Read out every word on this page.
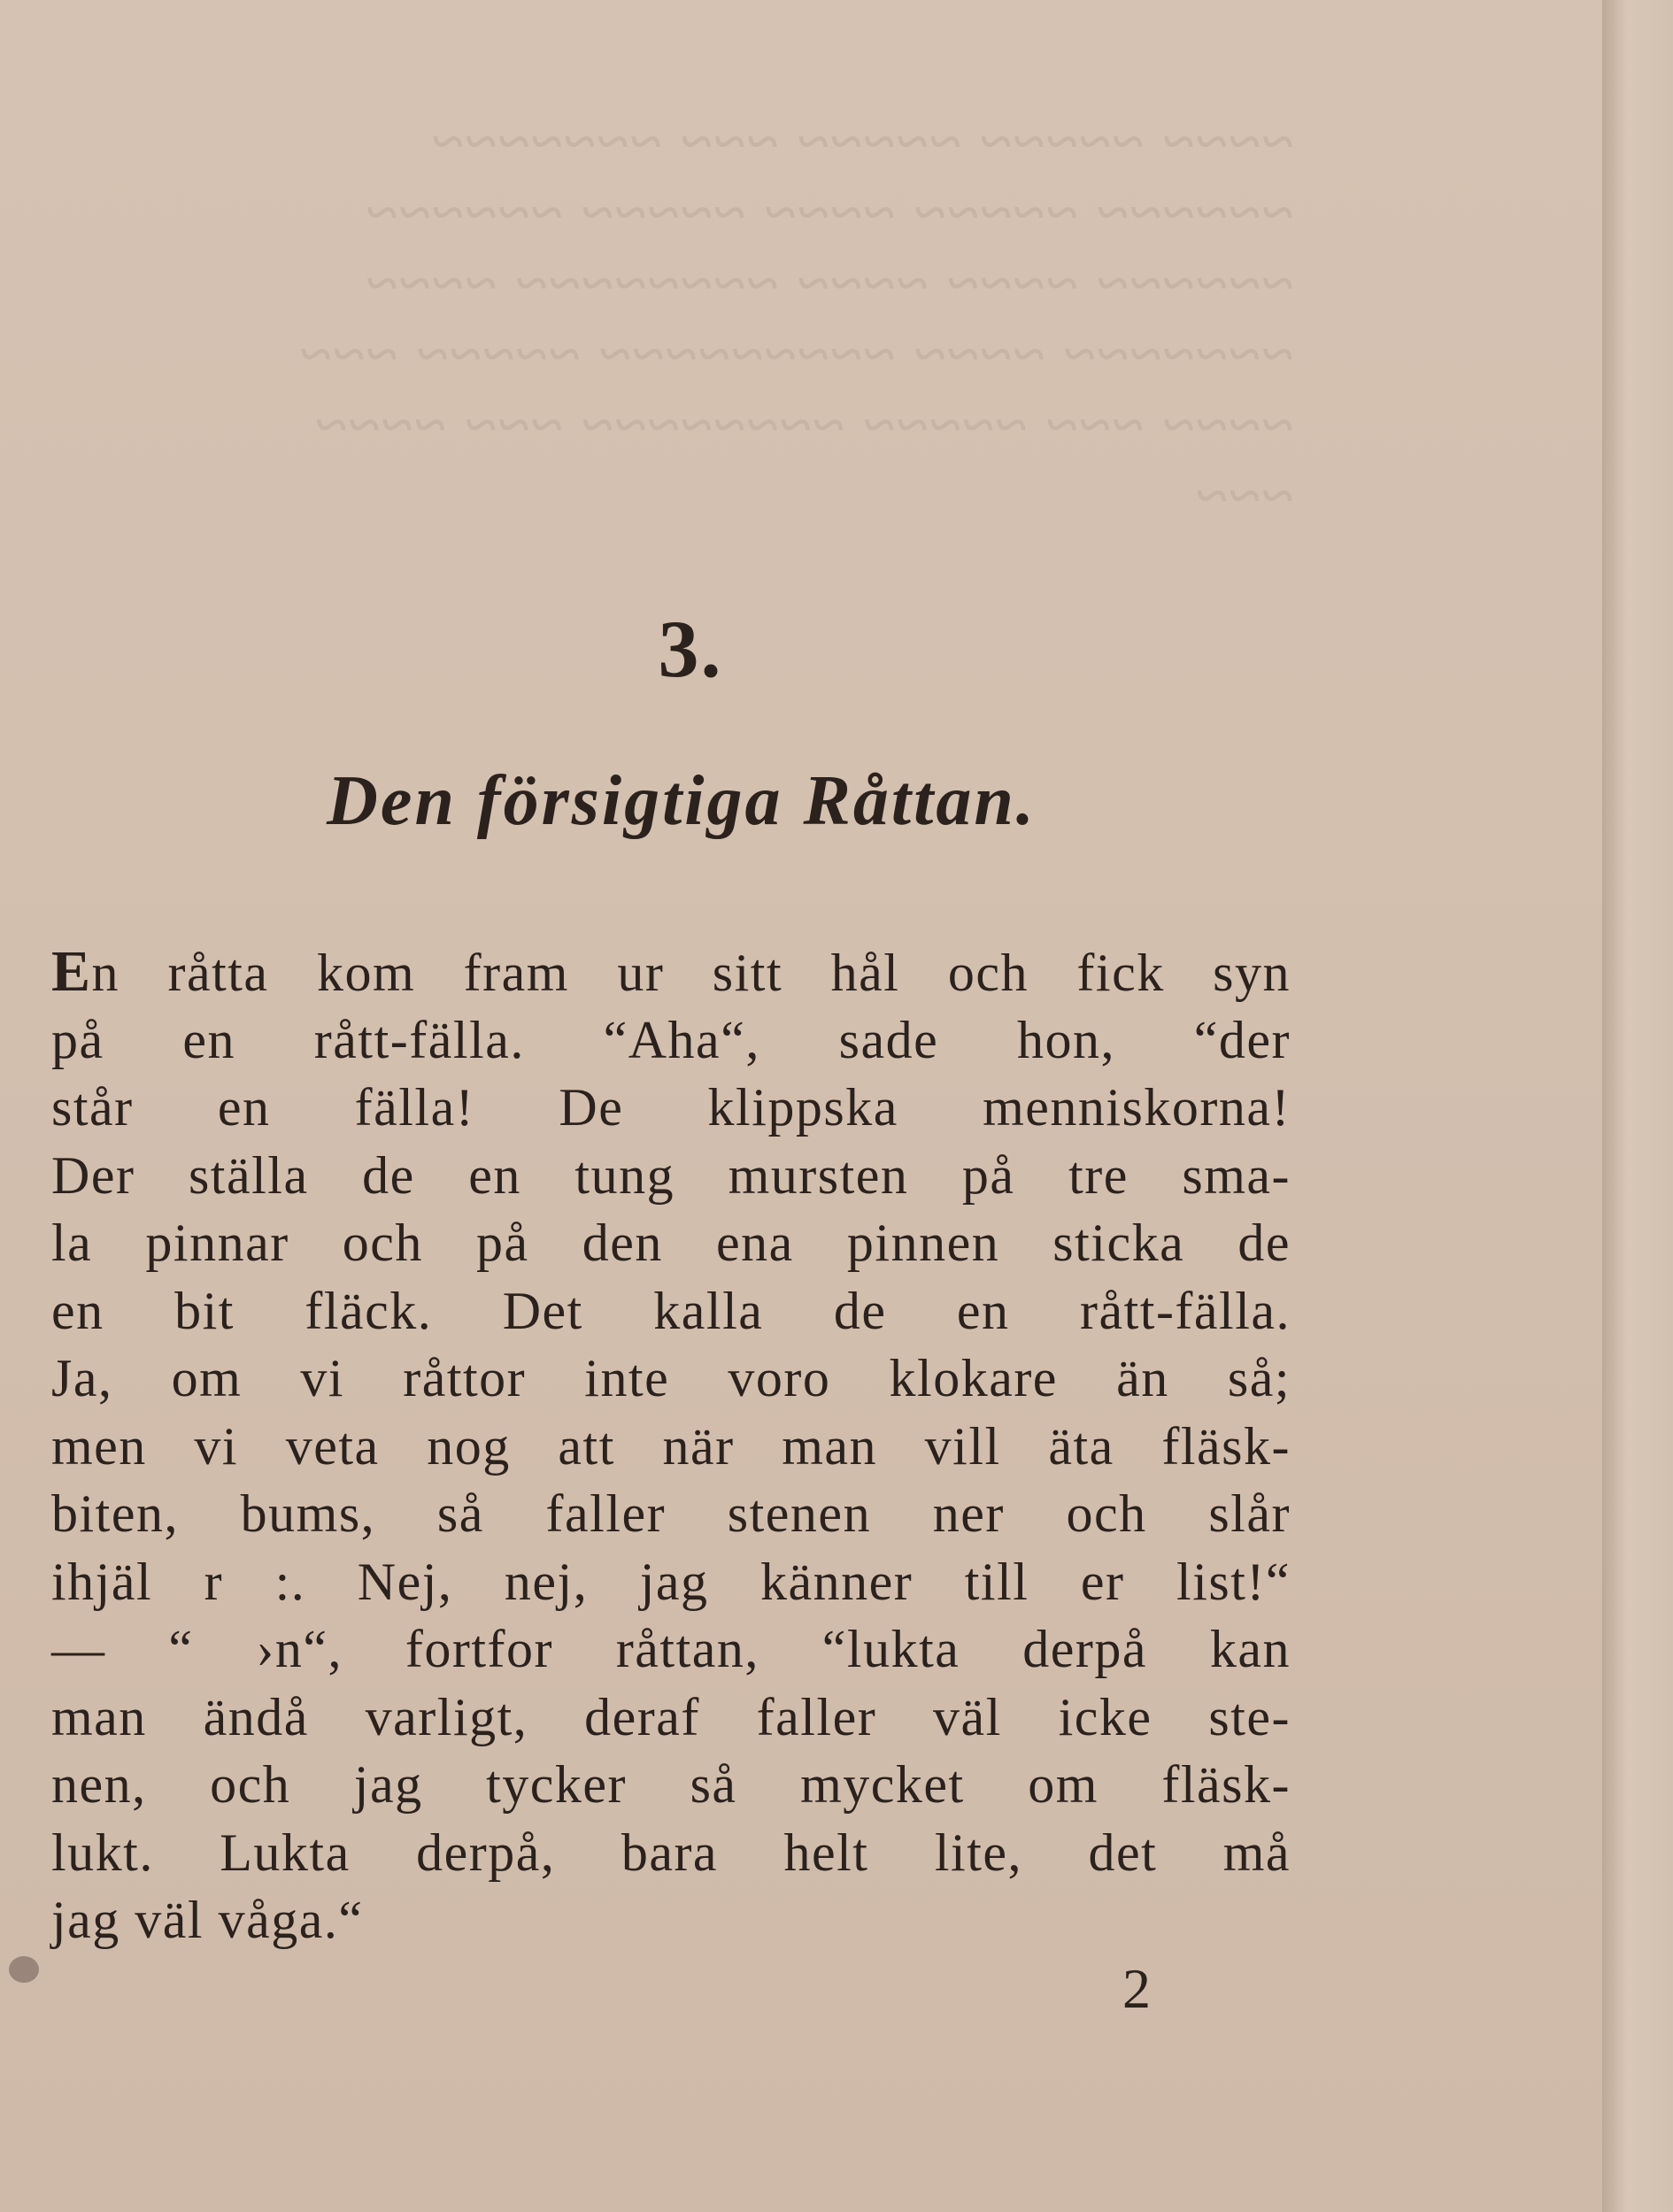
~~~~ ~~~~~ ~~~~~ ~~~ ~~~~~~~
~~~~~~ ~~~~~ ~~~~ ~~~~~ ~~~~~~
~~~~~~ ~~~~ ~~~~ ~~~~~~~~ ~~~~
~~~~~~~ ~~~~ ~~~~~~~~~ ~~~~~ ~~~
~~~~ ~~~ ~~~~~ ~~~~~~~~ ~~~ ~~~~
~~~
3.
Den försigtiga Råttan.
En råtta kom fram ur sitt hål och fick syn
på en rått-fälla. “Aha“, sade hon, “der
står en fälla! De klippska menniskorna!
Der ställa de en tung mursten på tre sma-
la pinnar och på den ena pinnen sticka de
en bit fläck. Det kalla de en rått-fälla.
Ja, om vi råttor inte voro klokare än så;
men vi veta nog att när man vill äta fläsk-
biten, bums, så faller stenen ner och slår
ihjäl r :. Nej, nej, jag känner till er list!“
— “ ›n“, fortfor råttan, “lukta derpå kan
man ändå varligt, deraf faller väl icke ste-
nen, och jag tycker så mycket om fläsk-
lukt. Lukta derpå, bara helt lite, det må
jag väl våga.“
2
